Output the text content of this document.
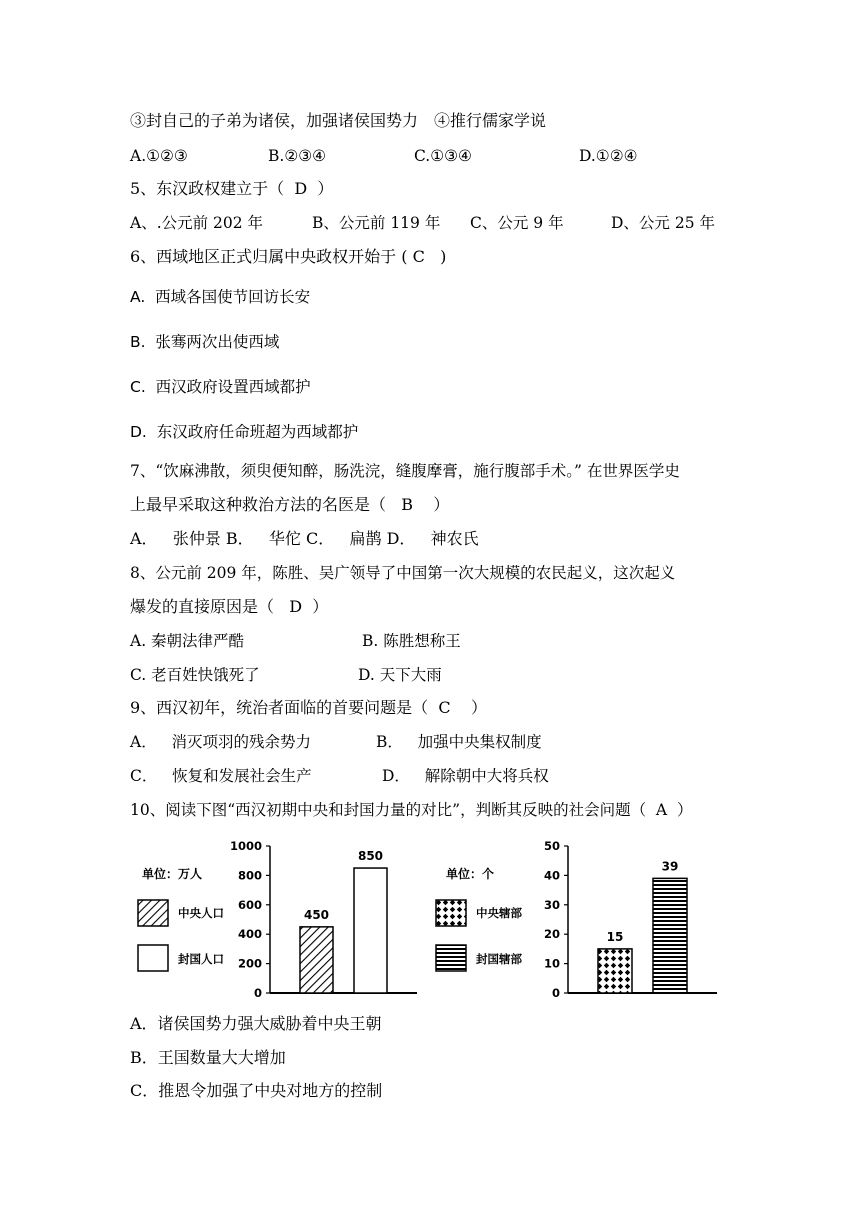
③封自己的子弟为诸侯，加强诸侯国势力　④推行儒家学说
A.①②③	B.②③④	C.①③④	D.①②④
5、东汉政权建立于（  D  ）
A、.公元前 202 年	B、公元前 119 年 C、公元 9 年	D、公元 25 年
6、西域地区正式归属中央政权开始于 ( C   )
A.  西域各国使节回访长安
B.  张骞两次出使西域
C.  西汉政府设置西域都护
D.  东汉政府任命班超为西域都护
7、“饮麻沸散，须臾便知醉，肠洗浣，缝腹摩膏，施行腹部手术。” 在世界医学史
上最早采取这种救治方法的名医是（   B    ）
A．   张仲景 B．   华佗 C．   扁鹊 D．   神农氏
8、公元前 209 年，陈胜、吴广领导了中国第一次大规模的农民起义，这次起义
爆发的直接原因是（   D  ）
A. 秦朝法律严酷	B. 陈胜想称王
C. 老百姓快饿死了	D. 天下大雨
9、西汉初年，统治者面临的首要问题是（  C    ）
A．   消灭项羽的残余势力	B．   加强中央集权制度
C．   恢复和发展社会生产	D．   解除朝中大将兵权
10、阅读下图“西汉初期中央和封国力量的对比”，判断其反映的社会问题（  A  ）
单位：万人
中央人口
封国人口
0
200
400
600
800
1000
450
850
单位：个
中央辖部
封国辖部
0
10
20
30
40
50
15
39
A．诸侯国势力强大威胁着中央王朝
B．王国数量大大增加
C．推恩令加强了中央对地方的控制
